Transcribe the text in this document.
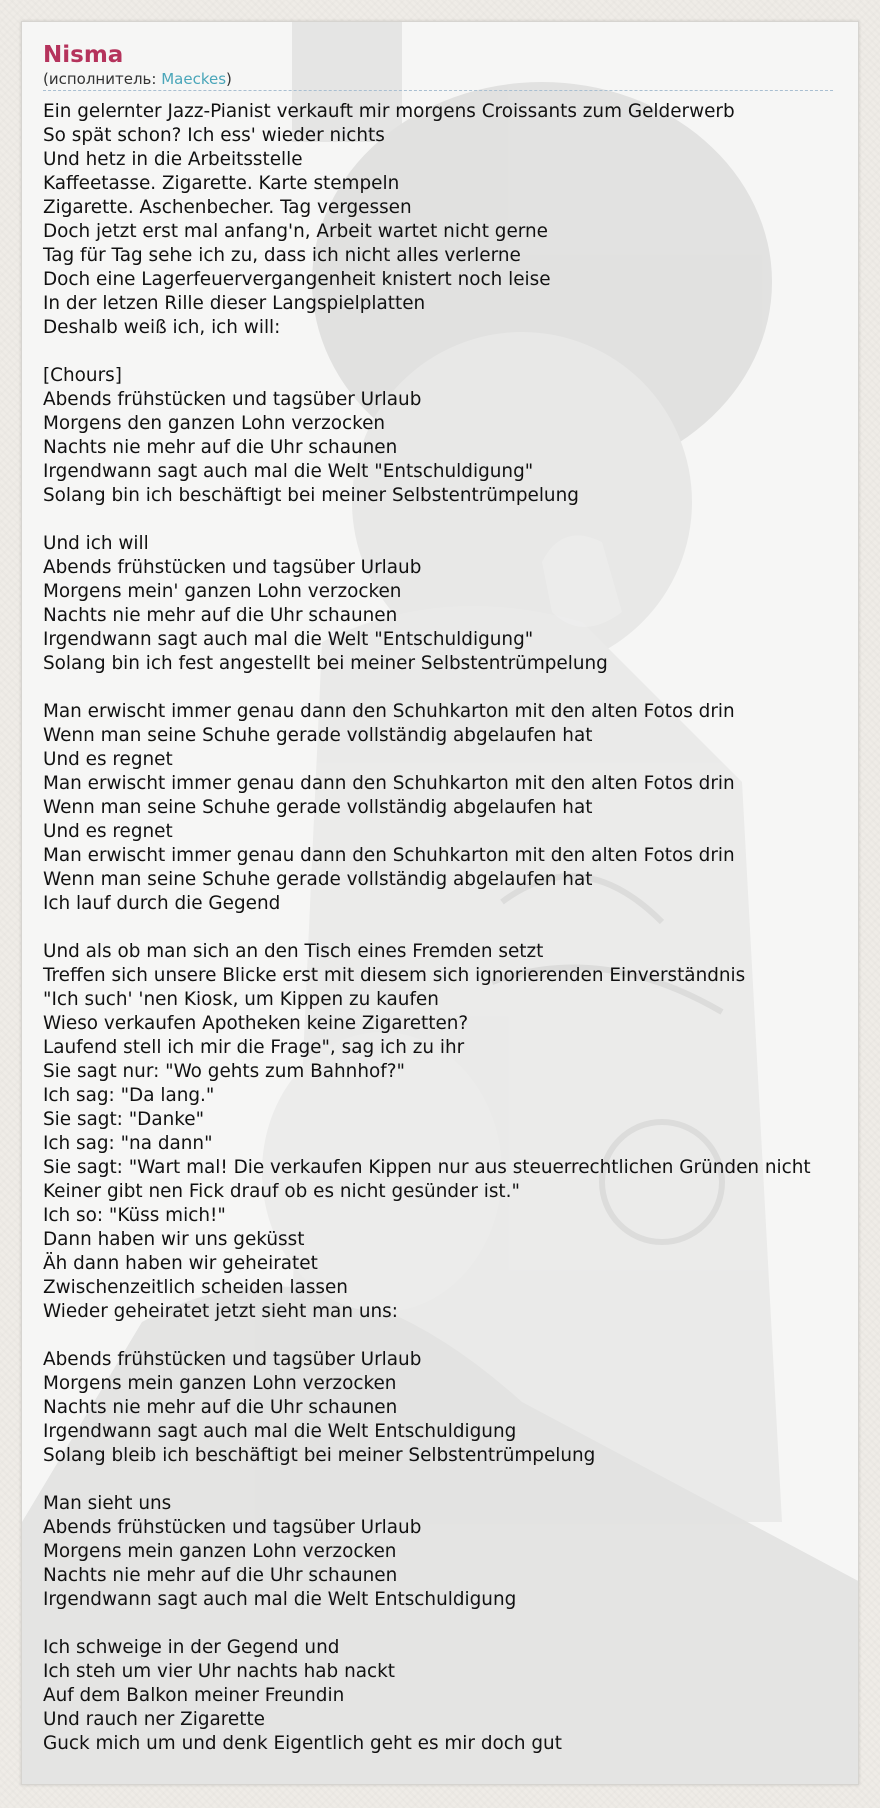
Nisma
(исполнитель: Maeckes)
Ein gelernter Jazz-Pianist verkauft mir morgens Croissants zum Gelderwerb
So spät schon? Ich ess' wieder nichts
Und hetz in die Arbeitsstelle
Kaffeetasse. Zigarette. Karte stempeln
Zigarette. Aschenbecher. Tag vergessen
Doch jetzt erst mal anfang'n, Arbeit wartet nicht gerne
Tag für Tag sehe ich zu, dass ich nicht alles verlerne
Doch eine Lagerfeuervergangenheit knistert noch leise
In der letzen Rille dieser Langspielplatten
Deshalb weiß ich, ich will:
[Chours]
Abends frühstücken und tagsüber Urlaub
Morgens den ganzen Lohn verzocken
Nachts nie mehr auf die Uhr schaunen
Irgendwann sagt auch mal die Welt "Entschuldigung"
Solang bin ich beschäftigt bei meiner Selbstentrümpelung
Und ich will
Abends frühstücken und tagsüber Urlaub
Morgens mein' ganzen Lohn verzocken
Nachts nie mehr auf die Uhr schaunen
Irgendwann sagt auch mal die Welt "Entschuldigung"
Solang bin ich fest angestellt bei meiner Selbstentrümpelung
Man erwischt immer genau dann den Schuhkarton mit den alten Fotos drin
Wenn man seine Schuhe gerade vollständig abgelaufen hat
Und es regnet
Man erwischt immer genau dann den Schuhkarton mit den alten Fotos drin
Wenn man seine Schuhe gerade vollständig abgelaufen hat
Und es regnet
Man erwischt immer genau dann den Schuhkarton mit den alten Fotos drin
Wenn man seine Schuhe gerade vollständig abgelaufen hat
Ich lauf durch die Gegend
Und als ob man sich an den Tisch eines Fremden setzt
Treffen sich unsere Blicke erst mit diesem sich ignorierenden Einverständnis
"Ich such' 'nen Kiosk, um Kippen zu kaufen
Wieso verkaufen Apotheken keine Zigaretten?
Laufend stell ich mir die Frage", sag ich zu ihr
Sie sagt nur: "Wo gehts zum Bahnhof?"
Ich sag: "Da lang."
Sie sagt: "Danke"
Ich sag: "na dann"
Sie sagt: "Wart mal! Die verkaufen Kippen nur aus steuerrechtlichen Gründen nicht
Keiner gibt nen Fick drauf ob es nicht gesünder ist."
Ich so: "Küss mich!"
Dann haben wir uns geküsst
Äh dann haben wir geheiratet
Zwischenzeitlich scheiden lassen
Wieder geheiratet jetzt sieht man uns:
Abends frühstücken und tagsüber Urlaub
Morgens mein ganzen Lohn verzocken
Nachts nie mehr auf die Uhr schaunen
Irgendwann sagt auch mal die Welt Entschuldigung
Solang bleib ich beschäftigt bei meiner Selbstentrümpelung
Man sieht uns
Abends frühstücken und tagsüber Urlaub
Morgens mein ganzen Lohn verzocken
Nachts nie mehr auf die Uhr schaunen
Irgendwann sagt auch mal die Welt Entschuldigung
Ich schweige in der Gegend und
Ich steh um vier Uhr nachts hab nackt
Auf dem Balkon meiner Freundin
Und rauch ner Zigarette
Guck mich um und denk Eigentlich geht es mir doch gut
